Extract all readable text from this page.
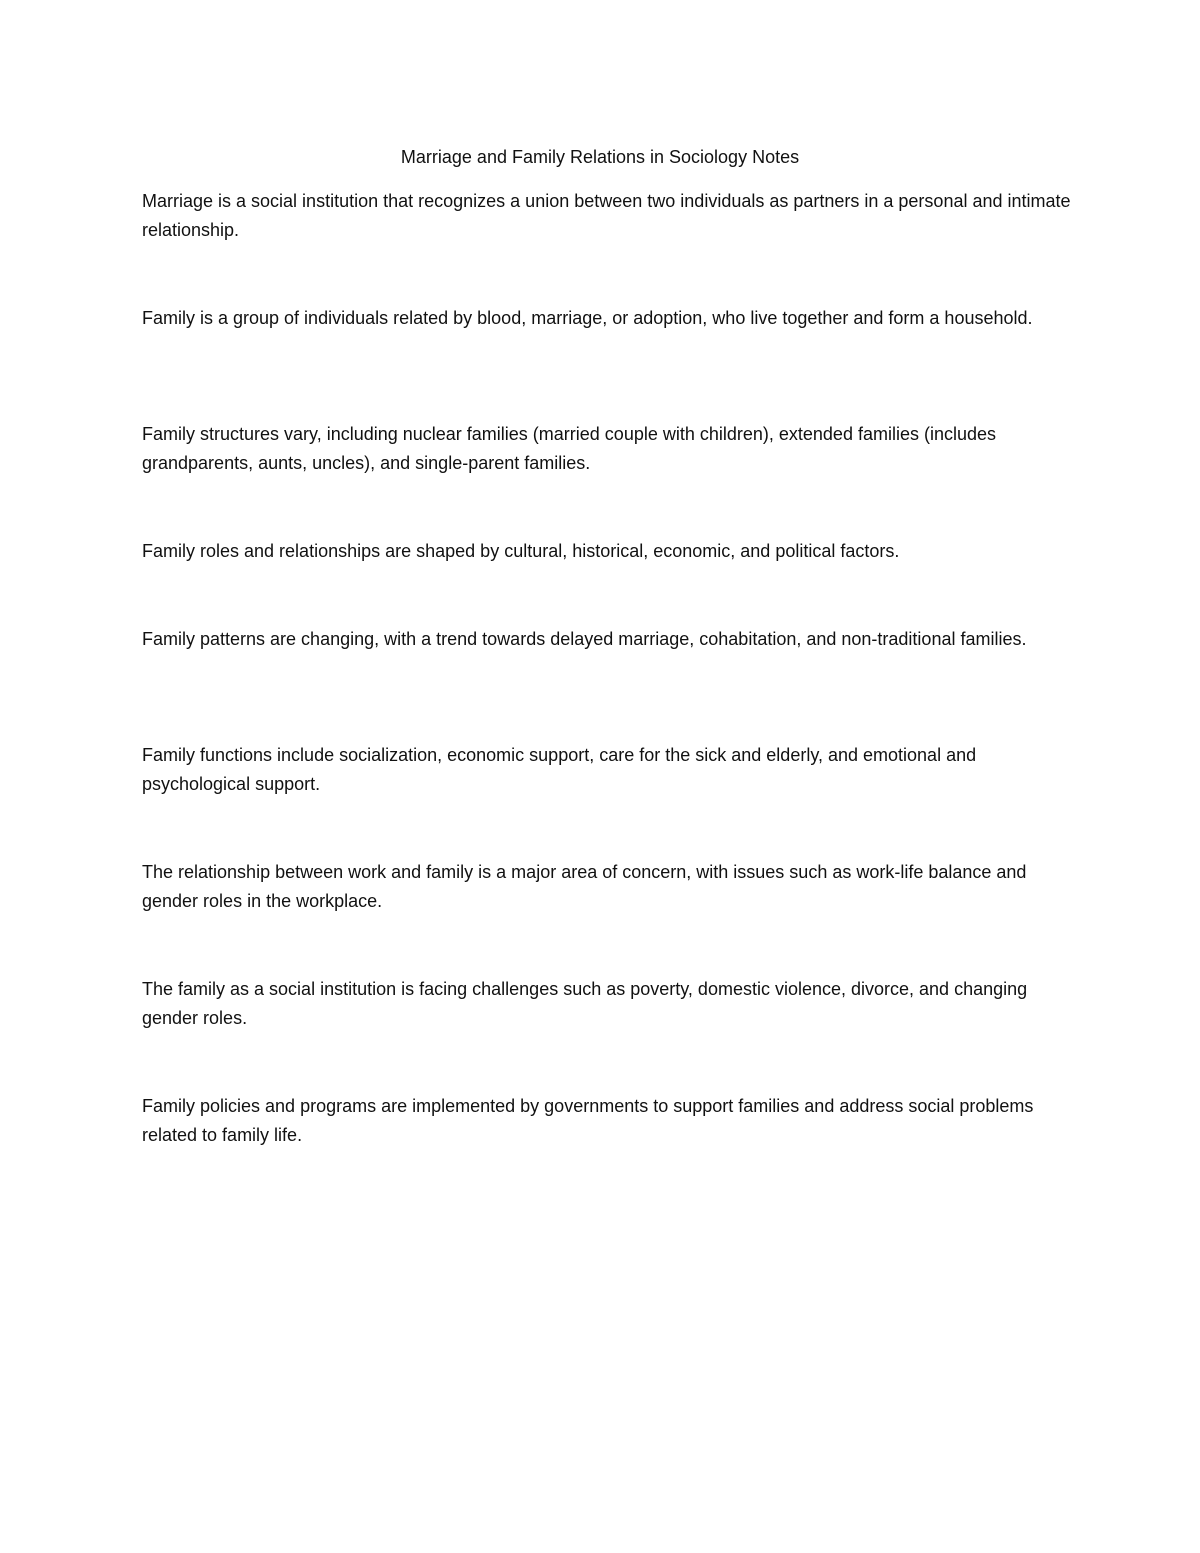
Marriage and Family Relations in Sociology Notes

Marriage is a social institution that recognizes a union between two individuals as partners in a personal and intimate relationship.

Family is a group of individuals related by blood, marriage, or adoption, who live together and form a household.

Family structures vary, including nuclear families (married couple with children), extended families (includes grandparents, aunts, uncles), and single-parent families.

Family roles and relationships are shaped by cultural, historical, economic, and political factors.

Family patterns are changing, with a trend towards delayed marriage, cohabitation, and non-traditional families.

Family functions include socialization, economic support, care for the sick and elderly, and emotional and psychological support.

The relationship between work and family is a major area of concern, with issues such as work-life balance and gender roles in the workplace.

The family as a social institution is facing challenges such as poverty, domestic violence, divorce, and changing gender roles.

Family policies and programs are implemented by governments to support families and address social problems related to family life.
